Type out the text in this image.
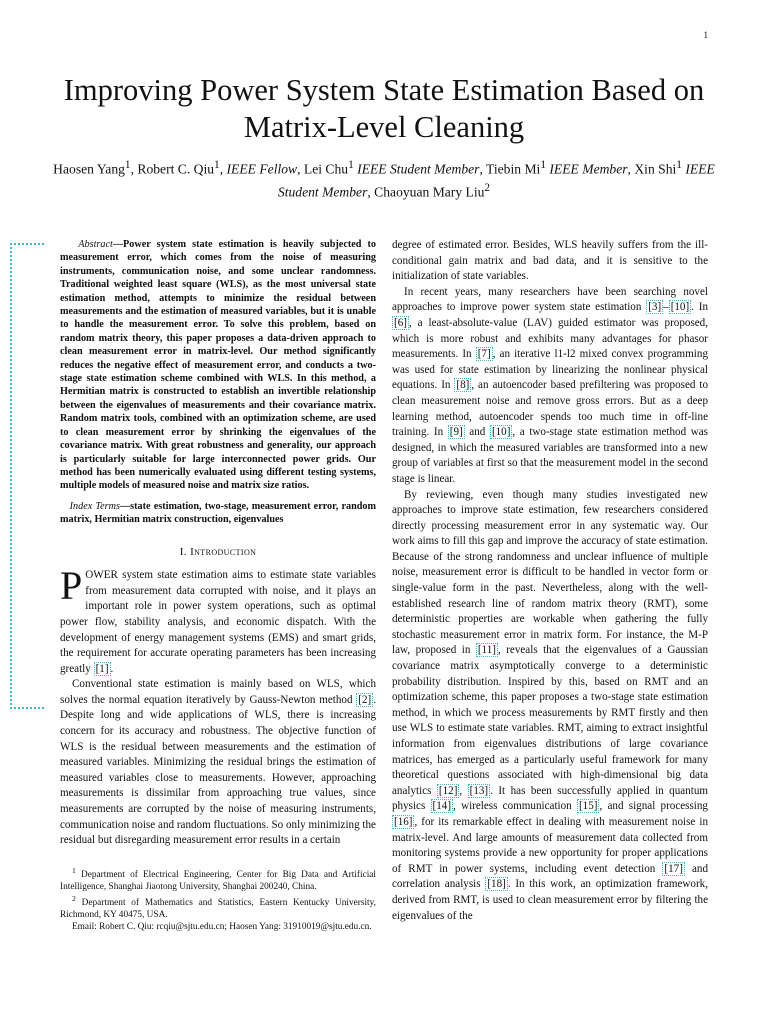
1
Improving Power System State Estimation Based on Matrix-Level Cleaning
Haosen Yang$^1$, Robert C. Qiu$^1$, IEEE Fellow, Lei Chu$^1$ IEEE Student Member, Tiebin Mi$^1$ IEEE Member, Xin Shi$^1$ IEEE Student Member, Chaoyuan Mary Liu$^2$
Abstract—Power system state estimation is heavily subjected to measurement error, which comes from the noise of measuring instruments, communication noise, and some unclear randomness. Traditional weighted least square (WLS), as the most universal state estimation method, attempts to minimize the residual between measurements and the estimation of measured variables, but it is unable to handle the measurement error. To solve this problem, based on random matrix theory, this paper proposes a data-driven approach to clean measurement error in matrix-level. Our method significantly reduces the negative effect of measurement error, and conducts a two-stage state estimation scheme combined with WLS. In this method, a Hermitian matrix is constructed to establish an invertible relationship between the eigenvalues of measurements and their covariance matrix. Random matrix tools, combined with an optimization scheme, are used to clean measurement error by shrinking the eigenvalues of the covariance matrix. With great robustness and generality, our approach is particularly suitable for large interconnected power grids. Our method has been numerically evaluated using different testing systems, multiple models of measured noise and matrix size ratios.
Index Terms—state estimation, two-stage, measurement error, random matrix, Hermitian matrix construction, eigenvalues
I. Introduction

POWER system state estimation aims to estimate state variables from measurement data corrupted with noise, and it plays an important role in power system operations, such as optimal power flow, stability analysis, and economic dispatch. With the development of energy management systems (EMS) and smart grids, the requirement for accurate operating parameters has been increasing greatly [1] .

Conventional state estimation is mainly based on WLS, which solves the normal equation iteratively by Gauss-Newton method [2] . Despite long and wide applications of WLS, there is increasing concern for its accuracy and robustness. The objective function of WLS is the residual between measurements and the estimation of measured variables. Minimizing the residual brings the estimation of measured variables close to measurements. However, approaching measurements is dissimilar from approaching true values, since measurements are corrupted by the noise of measuring instruments, communication noise and random fluctuations. So only minimizing the residual but disregarding measurement error results in a certain

$^1$ Department of Electrical Engineering, Center for Big Data and Artificial Intelligence, Shanghai Jiaotong University, Shanghai 200240, China.
$^2$ Department of Mathematics and Statistics, Eastern Kentucky University, Richmond, KY 40475, USA.
Email: Robert C. Qiu: rcqiu@sjtu.edu.cn; Haosen Yang: 31910019@sjtu.edu.cn.

degree of estimated error. Besides, WLS heavily suffers from the ill-conditional gain matrix and bad data, and it is sensitive to the initialization of state variables.

In recent years, many researchers have been searching novel approaches to improve power system state estimation [3] – [10] . In [6] , a least-absolute-value (LAV) guided estimator was proposed, which is more robust and exhibits many advantages for phasor measurements. In [7] , an iterative l1-l2 mixed convex programming was used for state estimation by linearizing the nonlinear physical equations. In [8] , an autoencoder based prefiltering was proposed to clean measurement noise and remove gross errors. But as a deep learning method, autoencoder spends too much time in off-line training. In [9] and [10] , a two-stage state estimation method was designed, in which the measured variables are transformed into a new group of variables at first so that the measurement model in the second stage is linear.

By reviewing, even though many studies investigated new approaches to improve state estimation, few researchers considered directly processing measurement error in any systematic way. Our work aims to fill this gap and improve the accuracy of state estimation. Because of the strong randomness and unclear influence of multiple noise, measurement error is difficult to be handled in vector form or single-value form in the past. Nevertheless, along with the well-established research line of random matrix theory (RMT), some deterministic properties are workable when gathering the fully stochastic measurement error in matrix form. For instance, the M-P law, proposed in [11] , reveals that the eigenvalues of a Gaussian covariance matrix asymptotically converge to a deterministic probability distribution. Inspired by this, based on RMT and an optimization scheme, this paper proposes a two-stage state estimation method, in which we process measurements by RMT firstly and then use WLS to estimate state variables. RMT, aiming to extract insightful information from eigenvalues distributions of large covariance matrices, has emerged as a particularly useful framework for many theoretical questions associated with high-dimensional big data analytics [12] , [13] . It has been successfully applied in quantum physics [14] , wireless communication [15] , and signal processing [16] , for its remarkable effect in dealing with measurement noise in matrix-level. And large amounts of measurement data collected from monitoring systems provide a new opportunity for proper applications of RMT in power systems, including event detection [17] and correlation analysis [18] . In this work, an optimization framework, derived from RMT, is used to clean measurement error by filtering the eigenvalues of the
